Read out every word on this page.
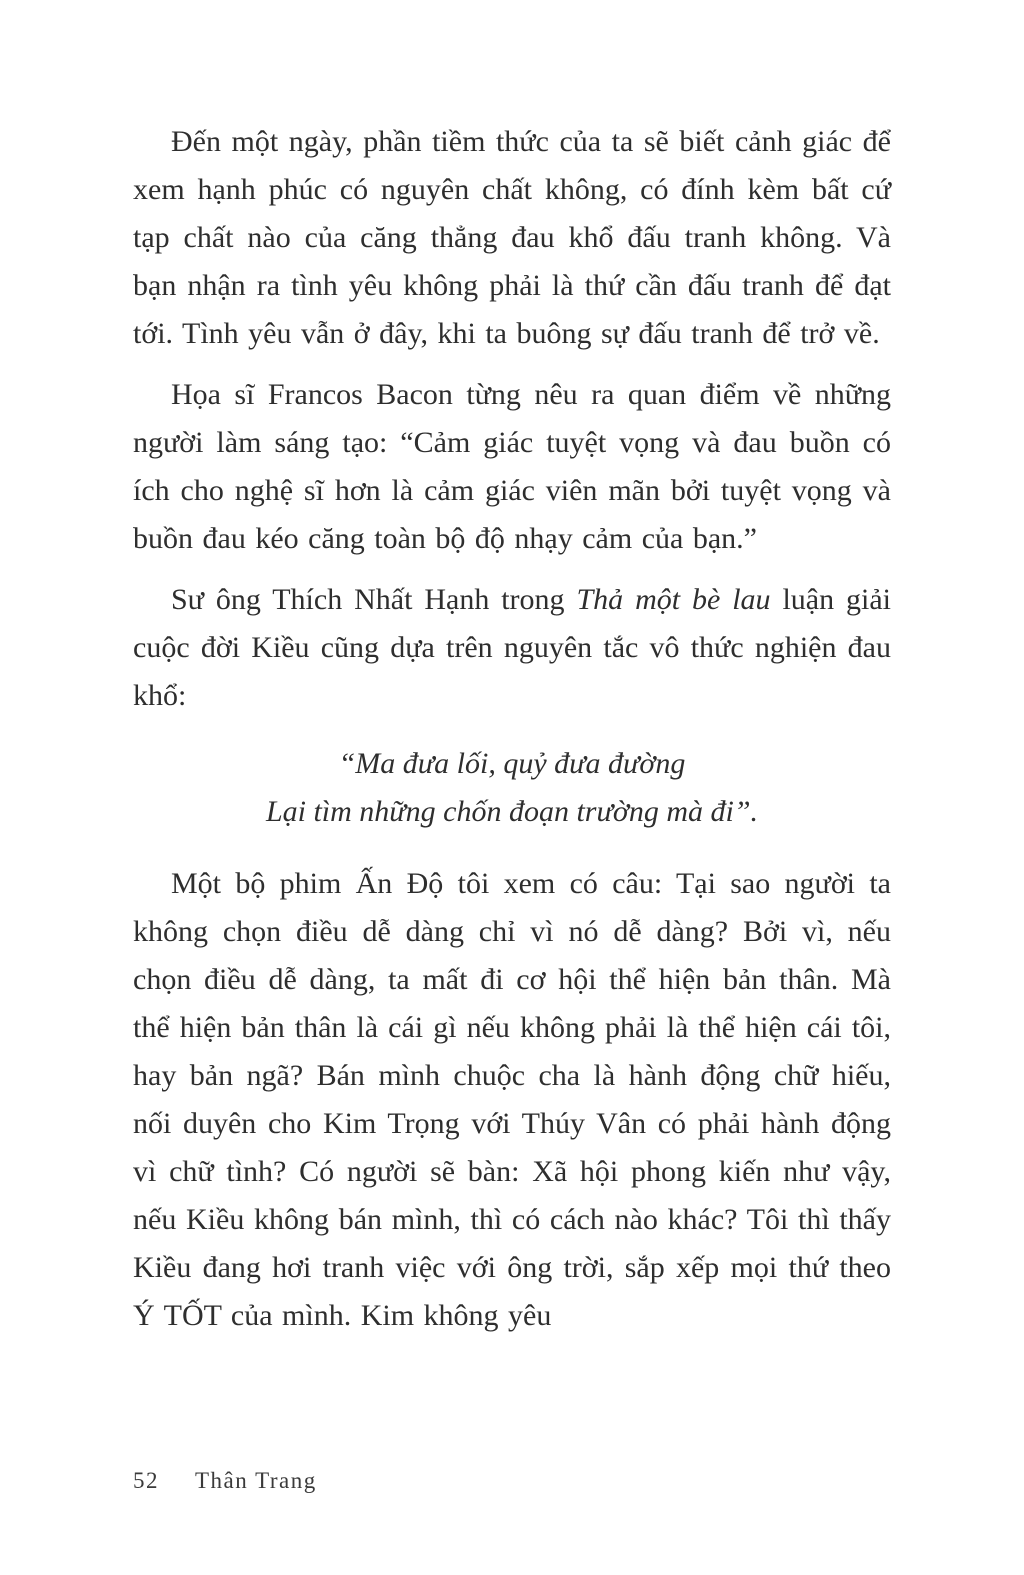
Đến một ngày, phần tiềm thức của ta sẽ biết cảnh giác để xem hạnh phúc có nguyên chất không, có đính kèm bất cứ tạp chất nào của căng thẳng đau khổ đấu tranh không. Và bạn nhận ra tình yêu không phải là thứ cần đấu tranh để đạt tới. Tình yêu vẫn ở đây, khi ta buông sự đấu tranh để trở về.

Họa sĩ Francos Bacon từng nêu ra quan điểm về những người làm sáng tạo: “Cảm giác tuyệt vọng và đau buồn có ích cho nghệ sĩ hơn là cảm giác viên mãn bởi tuyệt vọng và buồn đau kéo căng toàn bộ độ nhạy cảm của bạn.”

Sư ông Thích Nhất Hạnh trong Thả một bè lau luận giải cuộc đời Kiều cũng dựa trên nguyên tắc vô thức nghiện đau khổ:

“Ma đưa lối, quỷ đưa đường
Lại tìm những chốn đoạn trường mà đi”.

Một bộ phim Ấn Độ tôi xem có câu: Tại sao người ta không chọn điều dễ dàng chỉ vì nó dễ dàng? Bởi vì, nếu chọn điều dễ dàng, ta mất đi cơ hội thể hiện bản thân. Mà thể hiện bản thân là cái gì nếu không phải là thể hiện cái tôi, hay bản ngã? Bán mình chuộc cha là hành động chữ hiếu, nối duyên cho Kim Trọng với Thúy Vân có phải hành động vì chữ tình? Có người sẽ bàn: Xã hội phong kiến như vậy, nếu Kiều không bán mình, thì có cách nào khác? Tôi thì thấy Kiều đang hơi tranh việc với ông trời, sắp xếp mọi thứ theo Ý TỐT của mình. Kim không yêu

52 Thân Trang
